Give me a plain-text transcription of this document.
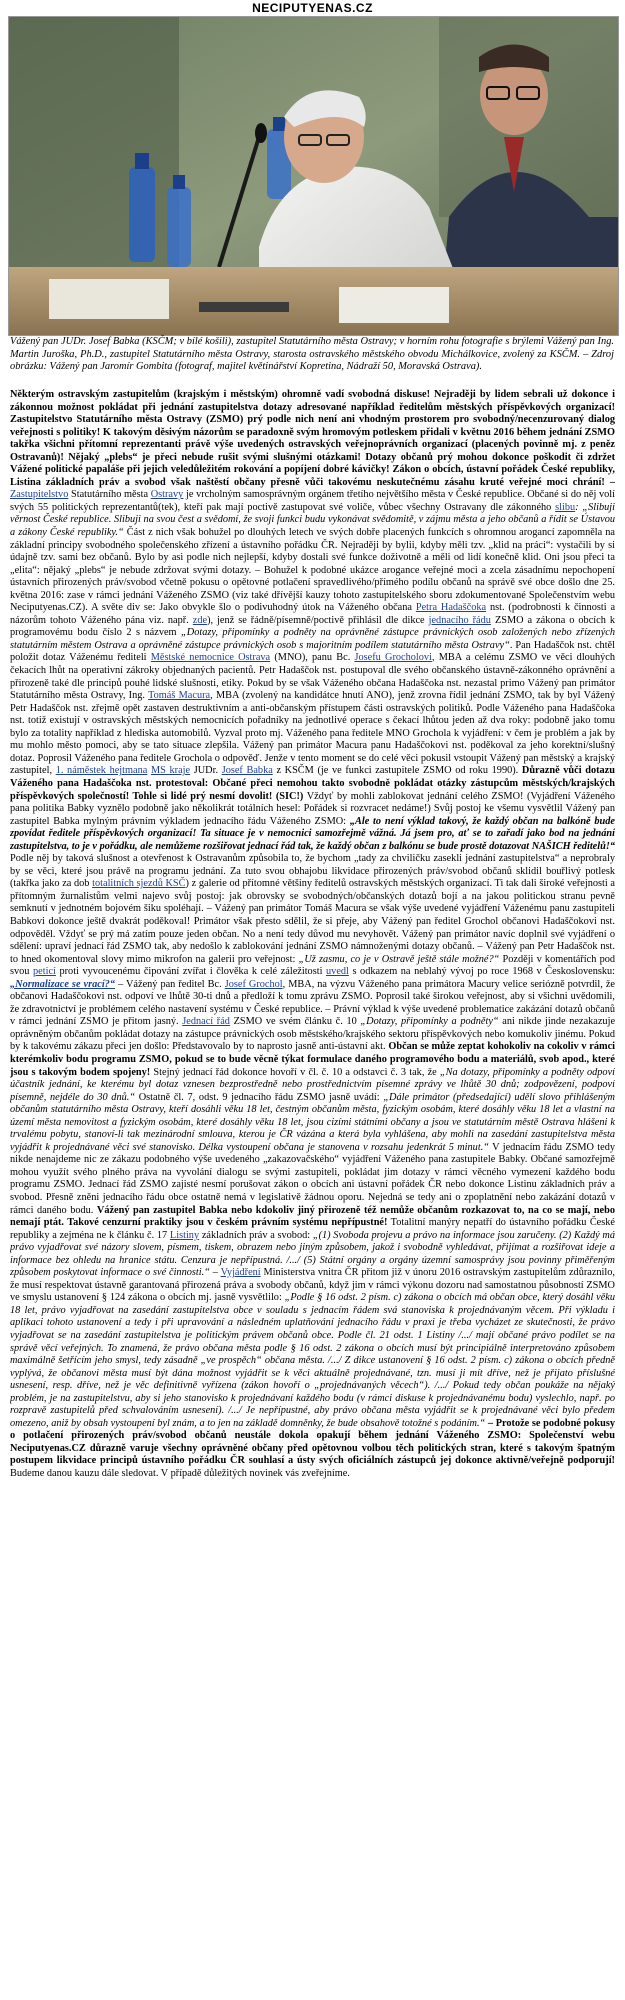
NECIPUTYENAS.CZ
Vážený pan JUDr. Josef Babka (KSČM; v bílé košili), zastupitel Statutárního města Ostravy; v horním rohu fotografie s brýlemi Vážený pan Ing. Martin Juroška, Ph.D., zastupitel Statutárního města Ostravy, starosta ostravského městského obvodu Michálkovice, zvolený za KSČM. – Zdroj obrázku: Vážený pan Jaromír Gombita (fotograf, majitel květinářství Kopretina, Nádraží 50, Moravská Ostrava).

Některým ostravským zastupitelům (krajským i městským) ohromně vadí svobodná diskuse! Nejraději by lidem sebrali už dokonce i zákonnou možnost pokládat při jednání zastupitelstva dotazy adresované například ředitelům městských příspěvkových organizací! Zastupitelstvo Statutárního města Ostravy (ZSMO) prý podle nich není ani vhodným prostorem pro svobodný/necenzurovaný dialog veřejnosti s politiky! K takovým děsivým názorům se paradoxně svým hromovým potleskem přidali v květnu 2016 během jednání ZSMO takřka všichni přítomní reprezentanti právě výše uvedených ostravských veřejnoprávních organizací (placených povinně mj. z peněz Ostravanů)! Nějaký „plebs“ je přeci nebude rušit svými slušnými otázkami! Dotazy občanů prý mohou dokonce poškodit či zdržet Vážené politické papaláše při jejich veledůležitém rokování a popíjení dobré kávičky! Zákon o obcích, ústavní pořádek České republiky, Listina základních práv a svobod však naštěstí občany přesně vůči takovému neskutečnému zásahu kruté veřejné moci chrání! – Zastupitelstvo Statutárního města Ostravy je vrcholným samosprávným orgánem třetího největšího města v České republice. Občané si do něj volí svých 55 politických reprezentantů(tek), kteří pak mají poctivě zastupovat své voliče, vůbec všechny Ostravany dle zákonného slibu: „Slibuji věrnost České republice. Slibuji na svou čest a svědomí, že svoji funkci budu vykonávat svědomitě, v zájmu města a jeho občanů a řídit se Ústavou a zákony České republiky.“ Část z nich však bohužel po dlouhých letech ve svých dobře placených funkcích s ohromnou arogancí zapomněla na základní principy svobodného společenského zřízení a ústavního pořádku ČR. Nejraději by bylii, kdyby měli tzv. „klid na práci“: vystačili by si údajně tzv. sami bez občanů. Bylo by asi podle nich nejlepší, kdyby dostali své funkce doživotně a měli od lidí konečně klid. Oni jsou přeci ta „elita“: nějaký „plebs“ je nebude zdržovat svými dotazy. – Bohužel k podobné ukázce arogance veřejné moci a zcela zásadnímu nepochopení ústavních přirozených práv/svobod včetně pokusu o opětovné potlačení spravedlivého/přímého podílu občanů na správě své obce došlo dne 25. května 2016: zase v rámci jednání Váženého ZSMO (viz také dřívější kauzy tohoto zastupitelského sboru zdokumentované Společenstvím webu Neciputyenas.CZ). A světe div se: Jako obvykle šlo o podivuhodný útok na Váženého občana Petra Hadaščoka nst. (podrobnosti k činnosti a názorům tohoto Váženého pána viz. např. zde), jenž se řádně/písemně/poctivě přihlásil dle dikce jednacího řádu ZSMO a zákona o obcích k programovému bodu číslo 2 s názvem „Dotazy, připomínky a podněty na oprávněné zástupce právnických osob založených nebo zřízených statutárním městem Ostrava a oprávněné zástupce právnických osob s majoritním podílem statutárního města Ostravy“. Pan Hadaščok nst. chtěl položit dotaz Váženému řediteli Městské nemocnice Ostrava (MNO), panu Bc. Josefu Grocholovi, MBA a celému ZSMO ve věci dlouhých čekacích lhůt na operativní zákroky objednaných pacientů. Petr Hadaščok nst. postupoval dle svého občanského ústavně-zákonného oprávnění a přirozeně také dle principů pouhé lidské slušnosti, etiky. Pokud by se však Váženého občana Hadaščoka nst. nezastal primo Vážený pan primátor Statutárního města Ostravy, Ing. Tomáš Macura, MBA (zvolený na kandidátce hnutí ANO), jenž zrovna řídil jednání ZSMO, tak by byl Vážený Petr Hadaščok nst. zřejmě opět zastaven destruktivním a anti-občanským přístupem části ostravských politiků. Podle Váženého pana Hadaščoka nst. totiž existují v ostravských městských nemocnicích pořadníky na jednotlivé operace s čekací lhůtou jeden až dva roky: podobně jako tomu bylo za totality například z hlediska automobilů. Vyzval proto mj. Váženého pana ředitele MNO Grochola k vyjádření: v čem je problém a jak by mu mohlo město pomoci, aby se tato situace zlepšila. Vážený pan primátor Macura panu Hadaščokovi nst. poděkoval za jeho korektní/slušný dotaz. Poprosil Váženého pana ředitele Grochola o odpověď. Jenže v tento moment se do celé věci pokusil vstoupit Vážený pan městský a krajský zastupitel, 1. náměstek hejtmana MS kraje JUDr. Josef Babka z KSČM (je ve funkci zastupitele ZSMO od roku 1990). Důrazně vůči dotazu Váženého pana Hadaščoka nst. protestoval: Občané přeci nemohou takto svobodně pokládat otázky zástupcům městských/krajských příspěvkových společností! Tohle si lidé prý nesmí dovolit! (SIC!) Vždyť by mohli zablokovat jednání celého ZSMO! (Vyjádření Váženého pana politika Babky vyznělo podobně jako několikrát totálních hesel: Pořádek si rozvracet nedáme!) Svůj postoj ke všemu vysvětlil Vážený pan zastupitel Babka mylným právním výkladem jednacího řádu Váženého ZSMO: „Ale to není výklad takový, že každý občan na balkóně bude zpovídat ředitele příspěvkových organizací! Ta situace je v nemocnici samozřejmě vážná. Já jsem pro, ať se to zařadí jako bod na jednání zastupitelstva, to je v pořádku, ale nemůžeme rozšiřovat jednací řád tak, že každý občan z balkónu se bude prostě dotazovat NAŠICH ředitelů!“ Podle něj by taková slušnost a otevřenost k Ostravanům způsobila to, že bychom „tady za chviličku zasekli jednání zastupitelstva“ a neprobraly by se věci, které jsou právě na programu jednání. Za tuto svou obhajobu likvidace přirozených práv/svobod občanů sklidil bouřlivý potlesk (takřka jako za dob totalitních sjezdů KSČ) z galerie od přítomné většiny ředitelů ostravských městských organizací. Ti tak dali široké veřejnosti a přítomným žurnalistům velmi najevo svůj postoj: jak obrovsky se svobodných/občanských dotazů bojí a na jakou politickou stranu pevně semknutí v jednotném bojovém šiku spoléhají. – Vážený pan primátor Tomáš Macura se však výše uvedené vyjádření Váženému panu zastupiteli Babkovi dokonce ještě dvakrát poděkoval! Primátor však přesto sdělil, že si přeje, aby Vážený pan ředitel Grochol občanovi Hadaščokovi nst. odpověděl. Vždyť se prý má zatím pouze jeden občan. No a není tedy důvod mu nevyhovět. Vážený pan primátor navíc doplnil své vyjádření o sdělení: upraví jednací řád ZSMO tak, aby nedošlo k zablokování jednání ZSMO námnoženými dotazy občanů. – Vážený pan Petr Hadaščok nst. to hned okomentoval slovy mimo mikrofon na galerii pro veřejnost: „Už zasmu, co je v Ostravě ještě stále možné?“ Později v komentářích pod svou peticí proti vyvoucenému čipování zvířat i člověka k celé záležitosti uvedl s odkazem na neblahý vývoj po roce 1968 v Československu: „Normalizace se vrací?“ – Vážený pan ředitel Bc. Josef Grochol, MBA, na výzvu Váženého pana primátora Macury velice seriózně potvrdil, že občanovi Hadaščokovi nst. odpoví ve lhůtě 30-ti dnů a předloží k tomu zprávu ZSMO. Poprosil také širokou veřejnost, aby si všichni uvědomili, že zdravotnictví je problémem celého nastavení systému v České republice. – Právní výklad k výše uvedené problematice zakázání dotazů občanů v rámci jednání ZSMO je přitom jasný. Jednací řád ZSMO ve svém článku č. 10 „Dotazy, připomínky a podněty“ ani nikde jinde nezakazuje oprávněným občanům pokládat dotazy na zástupce právnických osob městského/krajského sektoru příspěvkových nebo komukoliv jinému. Pokud by k takovému zákazu přeci jen došlo: Představovalo by to naprosto jasně anti-ústavní akt. Občan se může zeptat kohokoliv na cokoliv v rámci kterémkoliv bodu programu ZSMO, pokud se to bude věcně týkat formulace daného programového bodu a materiálů, svob apod., které jsou s takovým bodem spojeny! Stejný jednací řád dokonce hovoří v čl. č. 10 a odstavci č. 3 tak, že „Na dotazy, připomínky a podněty odpoví účastník jednání, ke kterému byl dotaz vznesen bezprostředně nebo prostřednictvím písemné zprávy ve lhůtě 30 dnů; zodpovězení, podpoví písemně, nejdéle do 30 dnů.“ Ostatně čl. 7, odst. 9 jednacího řádu ZSMO jasně uvádí: „Dále primátor (předsedající) udělí slovo přihlášeným občanům statutárního města Ostravy, kteří dosáhli věku 18 let, čestným občanům města, fyzickým osobám, které dosáhly věku 18 let a vlastní na území města nemovitost a fyzickým osobám, které dosáhly věku 18 let, jsou cizími státními občany a jsou ve statutárním městě Ostrava hlášeni k trvalému pobytu, stanoví-li tak mezinárodní smlouva, kterou je ČR vázána a která byla vyhlášena, aby mohli na zasedání zastupitelstva města vyjádřit k projednávané věci své stanovisko. Délka vystoupení občana je stanovena v rozsahu jedenkrát 5 minut.“ V jednacím řádu ZSMO tedy nikde nenajdeme nic ze zákazu podobného výše uvedeného „zakazovačského“ vyjádření Váženého pana zastupitele Babky. Občané samozřejmě mohou využít svého plného práva na vyvolání dialogu se svými zastupiteli, pokládat jim dotazy v rámci věcného vymezení každého bodu programu ZSMO. Jednací řád ZSMO zajisté nesmí porušovat zákon o obcích ani ústavní pořádek ČR nebo dokonce Listinu základních práv a svobod. Přesně zněni jednacího řádu obce ostatně nemá v legislativě žádnou oporu. Nejedná se tedy ani o zpoplatnění nebo zakázání dotazů v rámci daného bodu. Vážený pan zastupitel Babka nebo kdokoliv jiný přirozeně též nemůže občanům rozkazovat to, na co se mají, nebo nemají ptát. Takové cenzurní praktiky jsou v českém právním systému nepřípustné! Totalitní manýry nepatří do ústavního pořádku České republiky a zejména ne k článku č. 17 Listiny základních práv a svobod: „(1) Svoboda projevu a právo na informace jsou zaručeny. (2) Každý má právo vyjadřovat své názory slovem, písmem, tiskem, obrazem nebo jiným způsobem, jakož i svobodně vyhledávat, přijímat a rozšiřovat ideje a informace bez ohledu na hranice státu. Cenzura je nepřípustná. /.../ (5) Státní orgány a orgány územní samosprávy jsou povinny přiměřeným způsobem poskytovat informace o své činnosti.“ – Vyjádření Ministerstva vnitra ČR přitom již v únoru 2016 ostravským zastupitelům zdůraznilo, že musí respektovat ústavně garantovaná přirozená práva a svobody občanů, když jim v rámci výkonu dozoru nad samostatnou působností ZSMO ve smyslu ustanovení § 124 zákona o obcích mj. jasně vysvětlilo: „Podle § 16 odst. 2 písm. c) zákona o obcích má občan obce, který dosáhl věku 18 let, právo vyjadřovat na zasedání zastupitelstva obce v souladu s jednacím řádem svá stanoviska k projednávaným věcem. Při výkladu i aplikaci tohoto ustanovení a tedy i při upravování a následném uplatňování jednacího řádu v praxi je třeba vycházet ze skutečnosti, že právo vyjadřovat se na zasedání zastupitelstva je politickým právem občanů obce. Podle čl. 21 odst. 1 Listiny /.../ mají občané právo podílet se na správě věcí veřejných. To znamená, že právo občana města podle § 16 odst. 2 zákona o obcích musí být principiálně interpretováno způsobem maximálně šetřícím jeho smysl, tedy zásadně „ve prospěch“ občana města. /.../ Z dikce ustanovení § 16 odst. 2 písm. c) zákona o obcích předně vyplývá, že občanovi města musí být dána možnost vyjádřit se k věci aktuálně projednávané, tzn. musí ji mít dříve, než je přijato příslušné usnesení, resp. dříve, než je věc definitivně vyřízena (zákon hovoří o „projednávaných věcech“). /.../ Pokud tedy občan poukáže na nějaký problém, je na zastupitelstvu, aby si jeho stanovisko k projednávaní každého bodu (v rámci diskuse k projednávanému bodu) vyslechlo, např. po rozpravě zastupitelů před schvalováním usnesení). /.../ Je nepřípustné, aby právo občana města vyjádřit se k projednávané věci bylo předem omezeno, aniž by obsah vystoupení byl znám, a to jen na základě domněnky, že bude obsahově totožné s podáním.“ – Protože se podobné pokusy o potlačení přirozených práv/svobod občanů neustále dokola opakují během jednání Váženého ZSMO: Společenství webu Neciputyenas.CZ důrazně varuje všechny oprávněné občany před opětovnou volbou těch politických stran, které s takovým špatným postupem likvidace principů ústavního pořádku ČR souhlasí a ústy svých oficiálních zástupců jej dokonce aktivně/veřejně podporují! Budeme danou kauzu dále sledovat. V případě důležitých novinek vás zveřejníme.
